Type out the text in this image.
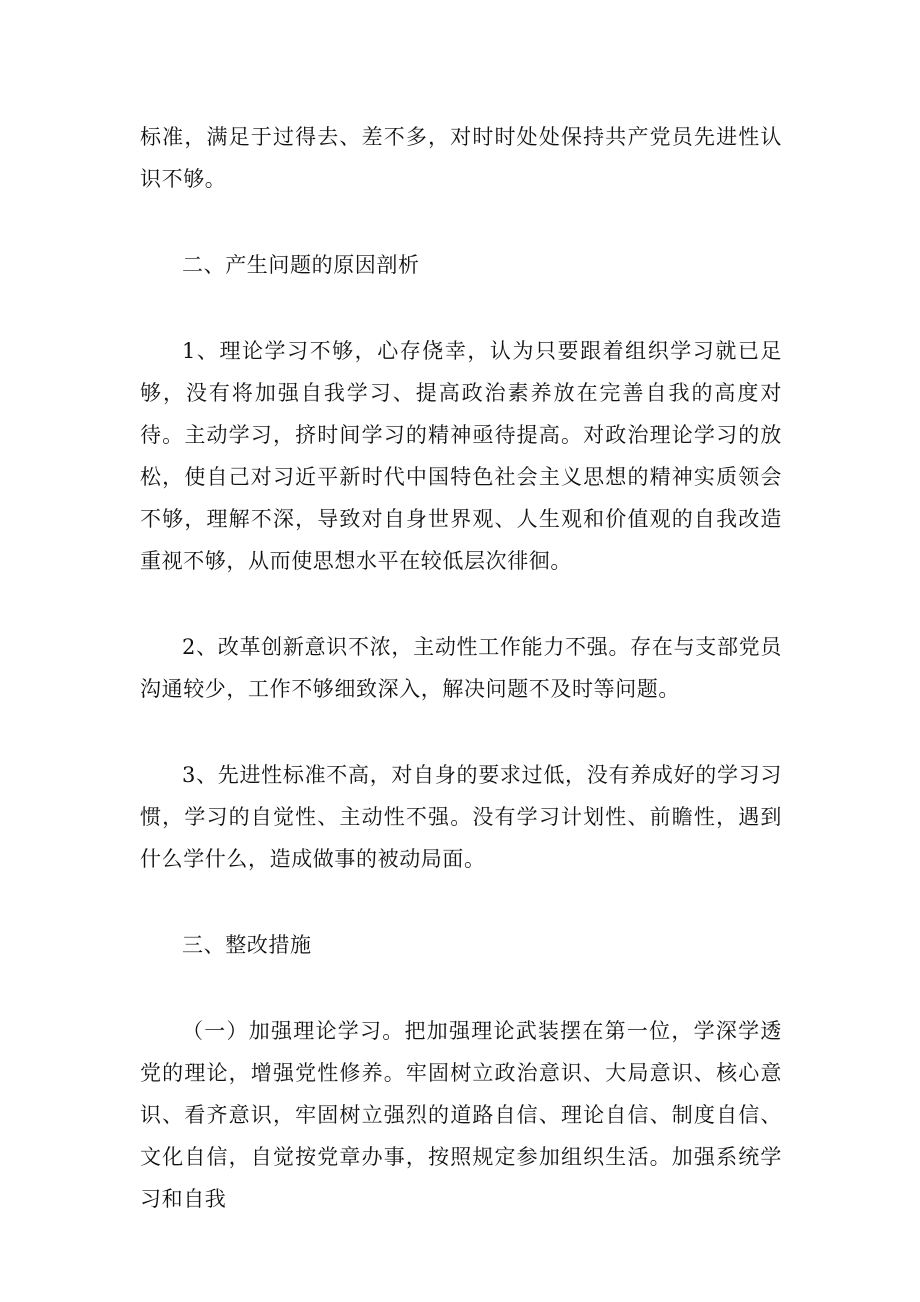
标准，满足于过得去、差不多，对时时处处保持共产党员先进性认识不够。

二、产生问题的原因剖析

1、理论学习不够，心存侥幸，认为只要跟着组织学习就已足够，没有将加强自我学习、提高政治素养放在完善自我的高度对待。主动学习，挤时间学习的精神亟待提高。对政治理论学习的放松，使自己对习近平新时代中国特色社会主义思想的精神实质领会不够，理解不深，导致对自身世界观、人生观和价值观的自我改造重视不够，从而使思想水平在较低层次徘徊。

2、改革创新意识不浓，主动性工作能力不强。存在与支部党员沟通较少，工作不够细致深入，解决问题不及时等问题。

3、先进性标准不高，对自身的要求过低，没有养成好的学习习惯，学习的自觉性、主动性不强。没有学习计划性、前瞻性，遇到什么学什么，造成做事的被动局面。

三、整改措施

（一）加强理论学习。把加强理论武装摆在第一位，学深学透党的理论，增强党性修养。牢固树立政治意识、大局意识、核心意识、看齐意识，牢固树立强烈的道路自信、理论自信、制度自信、文化自信，自觉按党章办事，按照规定参加组织生活。加强系统学习和自我
